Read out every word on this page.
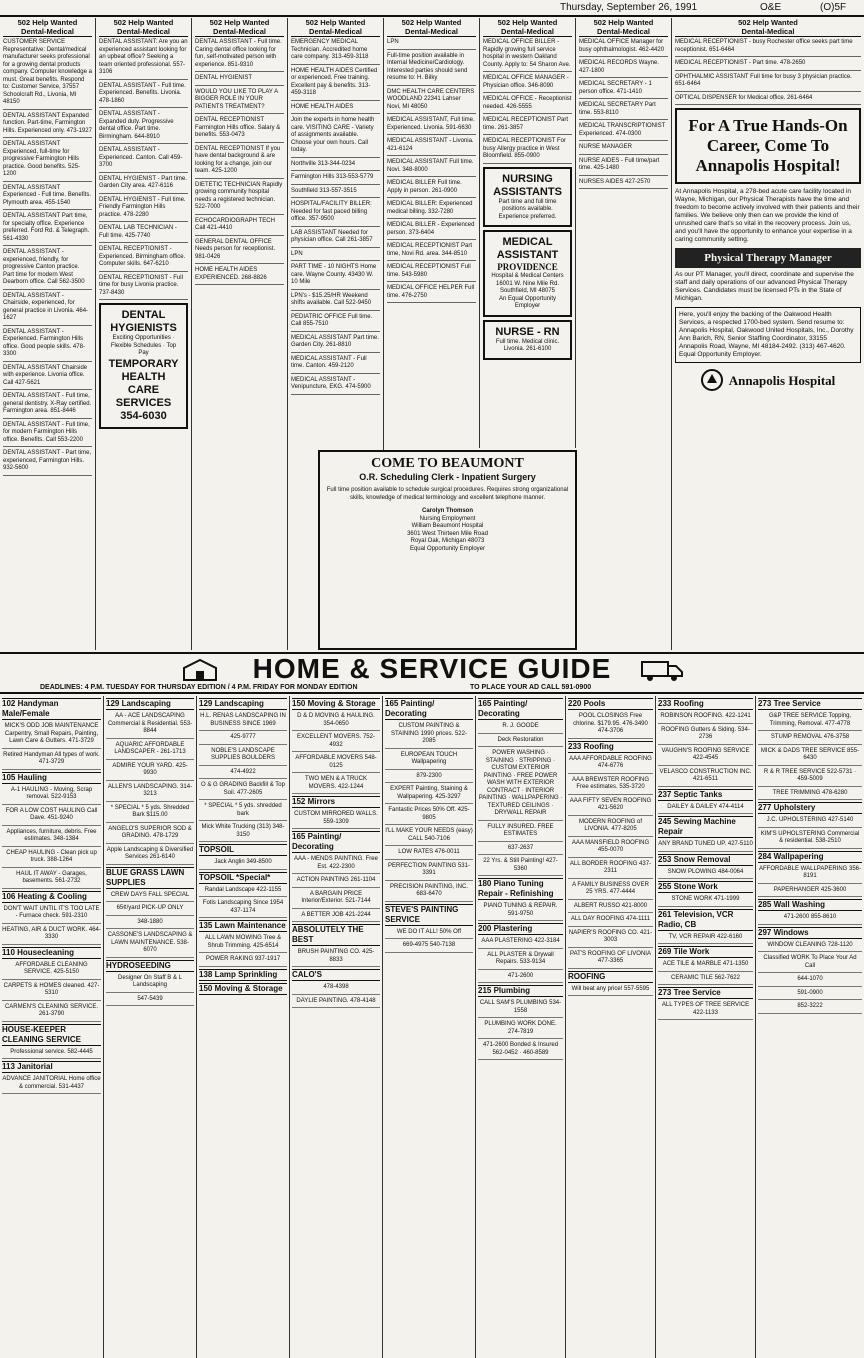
Thursday, September 26, 1991	O&E	(O)5F
502 Help Wanted
Dental-Medical
CUSTOMER SERVICE Representative: Dental/medical manufacturer seeks professional for a growing dental products company. Computer knowledge a must. Great benefits. Respond to: Customer Service, 37557 Schoolcraft Rd., Livonia, MI 48150
DENTAL ASSISTANT Expanded function. Part-time, Farmington Hills. Experienced only. 473-1927
DENTAL ASSISTANT Experienced, full-time for progressive Farmington Hills practice. Good benefits. 525-1200
DENTAL ASSISTANT Experienced - Full time. Benefits. Plymouth area. 455-1540
DENTAL ASSISTANT Part time, for specialty office. Experience preferred. Ford Rd. & Telegraph. 561-4330
DENTAL ASSISTANT - experienced, friendly, for progressive Canton practice. Part time for modern West Dearborn office. Call 562-3500
DENTAL ASSISTANT - Chairside, experienced, for general practice in Livonia. 464-1627
DENTAL ASSISTANT - Experienced. Farmington Hills office. Good people skills. 478-3300
DENTAL ASSISTANT Chairside with experience. Livonia office. Call 427-5621
DENTAL ASSISTANT - Full time, general dentistry. X-Ray certified. Farmington area. 851-8446
DENTAL ASSISTANT - Full time, for modern Farmington Hills office. Benefits. Call 553-2200
DENTAL ASSISTANT - Part time, experienced, Farmington Hills. 932-5600
502 Help Wanted
Dental-Medical
DENTAL ASSISTANT: Are you an experienced assistant looking for an upbeat office? Seeking a team oriented professional. 557-3106
DENTAL ASSISTANT - Full time. Experienced. Benefits. Livonia. 478-1860
DENTAL ASSISTANT - Expanded duty. Progressive dental office. Part time. Birmingham. 644-8910
DENTAL ASSISTANT - Experienced. Canton. Call 459-3700
DENTAL HYGIENIST - Part time. Garden City area. 427-6116
DENTAL HYGIENIST - Full time. Friendly Farmington Hills practice. 478-2280
DENTAL LAB TECHNICIAN - Full time. 425-7740
DENTAL RECEPTIONIST - Experienced. Birmingham office. Computer skills. 647-6210
DENTAL RECEPTIONIST - Full time for busy Livonia practice. 737-8430
DENTAL HYGIENISTS
Exciting Opportunities · Flexible Schedules · Top Pay
TEMPORARY
HEALTH CARE
SERVICES
354-6030
502 Help Wanted
Dental-Medical
DENTAL ASSISTANT - Full time. Caring dental office looking for fun, self-motivated person with experience. 851-9310
DENTAL HYGIENIST
WOULD YOU LIKE TO PLAY A BIGGER ROLE IN YOUR PATIENTS TREATMENT?
DENTAL RECEPTIONIST Farmington Hills office. Salary & benefits. 553-0473
DENTAL RECEPTIONIST If you have dental background & are looking for a change, join our team. 425-1200
DIETETIC TECHNICIAN Rapidly growing community hospital needs a registered technician. 522-7000
ECHOCARDIOGRAPH TECH Call 421-4410
GENERAL DENTAL OFFICE Needs person for receptionist. 981-0426
HOME HEALTH AIDES EXPERIENCED. 268-8826
502 Help Wanted
Dental-Medical
EMERGENCY MEDICAL Technician. Accredited home care company. 313-459-3118
HOME HEALTH AIDES Certified or experienced. Free training. Excellent pay & benefits. 313-459-3118
HOME HEALTH AIDES
Join the experts in home health care. VISITING CARE - Variety of assignments available. Choose your own hours. Call today.
Northville 313-344-0234
Farmington Hills 313-553-5779
Southfield 313-557-3515
HOSPITAL/FACILITY BILLER: Needed for fast paced billing office. 357-9500
LAB ASSISTANT Needed for physician office. Call 261-3857
LPN
PART TIME - 10 NIGHTS Home care. Wayne County. 43430 W. 10 Mile
LPN's - $15.25/HR Weekend shifts available. Call 522-9450
PEDIATRIC OFFICE Full time. Call 855-7510
MEDICAL ASSISTANT Part time. Garden City. 261-8810
MEDICAL ASSISTANT - Full time. Canton. 459-2120
MEDICAL ASSISTANT - Venipuncture, EKG. 474-5900
502 Help Wanted
Dental-Medical
LPN
Full-time position available in Internal Medicine/Cardiology. Interested parties should send resume to: H. Bilky
DMC HEALTH CARE CENTERS WOODLAND 22341 Lahser Novi, MI 48050
MEDICAL ASSISTANT, Full time. Experienced. Livonia. 591-6630
MEDICAL ASSISTANT - Livonia. 421-6124
MEDICAL ASSISTANT Full time. Novi. 348-8000
MEDICAL BILLER Full time. Apply in person. 261-0900
MEDICAL BILLER: Experienced medical billing. 332-7280
MEDICAL BILLER - Experienced person. 373-6404
MEDICAL RECEPTIONIST Part time, Novi Rd. area. 344-8510
MEDICAL RECEPTIONIST Full time. 543-5980
MEDICAL OFFICE HELPER Full time. 476-2750
502 Help Wanted
Dental-Medical
MEDICAL OFFICE BILLER - Rapidly growing full service hospital in western Oakland County. Apply to: 54 Sharon Ave.
MEDICAL OFFICE MANAGER - Physician office. 346-8090
MEDICAL OFFICE - Receptionist needed. 426-5555
MEDICAL RECEPTIONIST Part time. 261-3857
MEDICAL RECEPTIONIST For busy Allergy practice in West Bloomfield. 855-0900
NURSING
ASSISTANTS
Part time and full time positions available. Experience preferred.
MEDICAL
ASSISTANT
PROVIDENCE
Hospital & Medical Centers
16001 W. Nine Mile Rd. Southfield, MI 48075
An Equal Opportunity Employer
NURSE - RN
Full time. Medical clinic. Livonia. 261-6100
502 Help Wanted
Dental-Medical
MEDICAL OFFICE Manager for busy ophthalmologist. 462-4420
MEDICAL RECORDS Wayne. 427-1800
MEDICAL SECRETARY - 1 person office. 471-1410
MEDICAL SECRETARY Part time. 553-8110
MEDICAL TRANSCRIPTIONIST Experienced. 474-0300
NURSE MANAGER
NURSE AIDES - Full time/part time. 425-1480
NURSES AIDES 427-2570
502 Help Wanted
Dental-Medical
MEDICAL RECEPTIONIST - busy Rochester office seeks part time receptionist. 651-6464
MEDICAL RECEPTIONIST - Part time. 478-2650
OPHTHALMIC ASSISTANT Full time for busy 3 physician practice. 651-6464
OPTICAL DISPENSER for Medical office. 261-6464
For A True Hands-On Career, Come To Annapolis Hospital!
At Annapolis Hospital, a 278-bed acute care facility located in Wayne, Michigan, our Physical Therapists have the time and freedom to become actively involved with their patients and their families. We believe only then can we provide the kind of unrushed care that's so vital in the recovery process. Join us, and you'll have the opportunity to enhance your expertise in a caring community setting.
Physical Therapy Manager
As our PT Manager, you'll direct, coordinate and supervise the staff and daily operations of our advanced Physical Therapy Services. Candidates must be licensed PTs in the State of Michigan.
Here, you'll enjoy the backing of the Oakwood Health Services, a respected 1700-bed system. Send resume to: Annapolis Hospital, Oakwood United Hospitals, Inc., Dorothy Ann Barich, RN, Senior Staffing Coordinator, 33155 Annapolis Road, Wayne, MI 48184-2492. (313) 467-4620. Equal Opportunity Employer.
Annapolis Hospital
COME TO BEAUMONT
O.R. Scheduling Clerk - Inpatient Surgery
Full time position available to schedule surgical procedures. Requires strong organizational skills, knowledge of medical terminology and excellent telephone manner.
Carolyn Thomson
Nursing Employment
William Beaumont Hospital
3601 West Thirteen Mile Road
Royal Oak, Michigan 48073
Equal Opportunity Employer
HOME & SERVICE GUIDE
DEADLINES: 4 P.M. TUESDAY FOR THURSDAY EDITION / 4 P.M. FRIDAY FOR MONDAY EDITION	TO PLACE YOUR AD CALL 591-0900
102 Handyman Male/Female
MICK'S ODD JOB MAINTENANCE Carpentry, Small Repairs, Painting, Lawn Care & Gutters. 471-3729
Retired Handyman All types of work. 471-3729
105 Hauling
A-1 HAULING - Moving, Scrap removal. 522-9153
FOR A LOW COST HAULING Call Dave. 451-9240
Appliances, furniture, debris. Free estimates. 348-1384
CHEAP HAULING - Clean pick up truck. 388-1264
HAUL IT AWAY - Garages, basements. 561-2732
106 Heating & Cooling
DON'T WAIT UNTIL IT'S TOO LATE - Furnace check. 591-2310
HEATING, AIR & DUCT WORK. 464-3330
110 Housecleaning
AFFORDABLE CLEANING SERVICE. 425-5150
CARPETS & HOMES cleaned. 427-5310
CARMEN'S CLEANING SERVICE. 261-3790
HOUSE-KEEPER CLEANING SERVICE
Professional service. 582-4445
113 Janitorial
ADVANCE JANITORIAL Home office & commercial. 531-4437
129 Landscaping
AA - ACE LANDSCAPING Commercial & Residential. 553-8844
AQUARIC AFFORDABLE LANDSCAPER - 261-1713
ADMIRE YOUR YARD. 425-9930
ALLEN'S LANDSCAPING. 314-3213
* SPECIAL * 5 yds. Shredded Bark $115.00
ANGELO'S SUPERIOR SOD & GRADING. 478-1729
Apple Landscaping & Diversified Services 261-6140
BLUE GRASS LAWN SUPPLIES
CREW DAYS FALL SPECIAL
65¢/yard PICK-UP ONLY
348-1880
CASSONE'S LANDSCAPING & LAWN MAINTENANCE. 538-6070
HYDROSEEDING
Designer On Staff B & L Landscaping
547-5439
129 Landscaping
H.L. RENAS LANDSCAPING IN BUSINESS SINCE 1969
425-9777
NOBLE'S LANDSCAPE SUPPLIES BOULDERS
474-4922
O & G GRADING Backfill & Top Soil. 477-2605
* SPECIAL * 5 yds. shredded bark
Mick White Trucking (313) 348-3150
TOPSOIL
Jack Anglin 349-8500
TOPSOIL *Special*
Randal Landscape 422-1155
Fotis Landscaping Since 1954 437-1174
135 Lawn Maintenance
ALL LAWN MOWING Tree & Shrub Trimming. 425-6514
POWER RAKING 937-1917
138 Lamp Sprinkling
150 Moving & Storage
150 Moving & Storage
D & D MOVING & HAULING. 354-0650
EXCELLENT MOVERS. 752-4932
AFFORDABLE MOVERS 548-0125
TWO MEN & A TRUCK MOVERS. 422-1244
152 Mirrors
CUSTOM MIRRORED WALLS. 559-1309
165 Painting/ Decorating
AAA - MENDS PAINTING. Free Est. 422-2300
ACTION PAINTING 261-1104
A BARGAIN PRICE Interior/Exterior. 521-7144
A BETTER JOB 421-2244
ABSOLUTELY THE BEST
BRUSH PAINTING CO. 425-8833
CALO'S
478-4398
DAYLIE PAINTING. 478-4148
165 Painting/ Decorating
CUSTOM PAINTING & STAINING 1990 prices. 522-2085
EUROPEAN TOUCH Wallpapering
879-2300
EXPERT Painting, Staining & Wallpapering. 425-3297
Fantastic Prices 50% Off. 425-9805
I'LL MAKE YOUR NEEDS (easy) CALL 540-7106
LOW RATES 476-0011
PERFECTION PAINTING 531-3391
PRECISION PAINTING, INC. 683-6470
STEVE'S PAINTING SERVICE
WE DO IT ALL! 50% Off
669-4975 540-7138
165 Painting/ Decorating
R. J. GOODE
Deck Restoration
POWER WASHING · STAINING · STRIPPING · CUSTOM EXTERIOR PAINTING · FREE POWER WASH WITH EXTERIOR CONTRACT · INTERIOR PAINTING · WALLPAPERING · TEXTURED CEILINGS · DRYWALL REPAIR
FULLY INSURED. FREE ESTIMATES
637-2637
22 Yrs. & Still Painting! 427-5360
180 Piano Tuning Repair - Refinishing
PIANO TUNING & REPAIR. 591-9750
200 Plastering
AAA PLASTERING 422-3184
ALL PLASTER & Drywall Repairs. 533-9134
471-2600
215 Plumbing
CALL SAM'S PLUMBING 534-1558
PLUMBING WORK DONE. 274-7819
471-2600 Bonded & Insured 562-0452 · 460-8589
220 Pools
POOL CLOSINGS Free chlorine. $179.95. 476-3490 474-3706
233 Roofing
AAA AFFORDABLE ROOFING 474-6776
AAA BREWSTER ROOFING Free estimates. 535-3720
AAA FIFTY SEVEN ROOFING 421-5620
MODERN ROOFING of LIVONIA. 477-8205
AAA MANSFIELD ROOFING 455-0070
ALL BORDER ROOFING 437-2311
A FAMILY BUSINESS OVER 25 YRS. 477-4444
ALBERT RUSSO 421-8000
ALL DAY ROOFING 474-1111
NAPIER'S ROOFING CO. 421-3003
PAT'S ROOFING OF LIVONIA 477-3365
ROOFING
Will beat any price! 557-5595
233 Roofing
ROBINSON ROOFING. 422-1241
ROOFING Gutters & Siding. 534-2736
VAUGHN'S ROOFING SERVICE 422-4545
VELASCO CONSTRUCTION INC. 421-6511
237 Septic Tanks
DAILEY & DAILEY 474-4114
245 Sewing Machine Repair
ANY BRAND TUNED UP. 427-5110
253 Snow Removal
SNOW PLOWING 484-0064
255 Stone Work
STONE WORK 471-1999
261 Television, VCR Radio, CB
TV, VCR REPAIR 422-6160
269 Tile Work
ACE TILE & MARBLE 471-1350
CERAMIC TILE 562-7622
273 Tree Service
ALL TYPES OF TREE SERVICE 422-1133
273 Tree Service
G&P TREE SERVICE Topping, Trimming, Removal. 477-4778
STUMP REMOVAL 476-3758
MICK & DADS TREE SERVICE 855-6430
R & R TREE SERVICE 522-5731 · 459-5009
TREE TRIMMING 478-6280
277 Upholstery
J.C. UPHOLSTERING 427-5140
KIM'S UPHOLSTERING Commercial & residential. 538-2510
284 Wallpapering
AFFORDABLE WALLPAPERING 356-8191
PAPERHANGER 425-3600
285 Wall Washing
471-2600 855-8610
297 Windows
WINDOW CLEANING 728-1120
Classified WORK To Place Your Ad Call
644-1070
591-0900
852-3222
